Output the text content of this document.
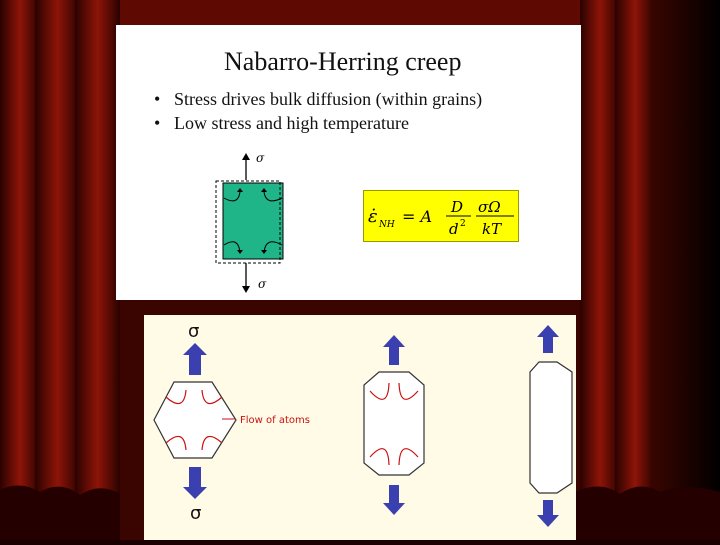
Nabarro-Herring creep
• Stress drives bulk diffusion (within grains)
• Low stress and high temperature
σ
σ
ε̇ NH = A D
d 2
σΩ
kT
σ
Flow of atoms
σ
